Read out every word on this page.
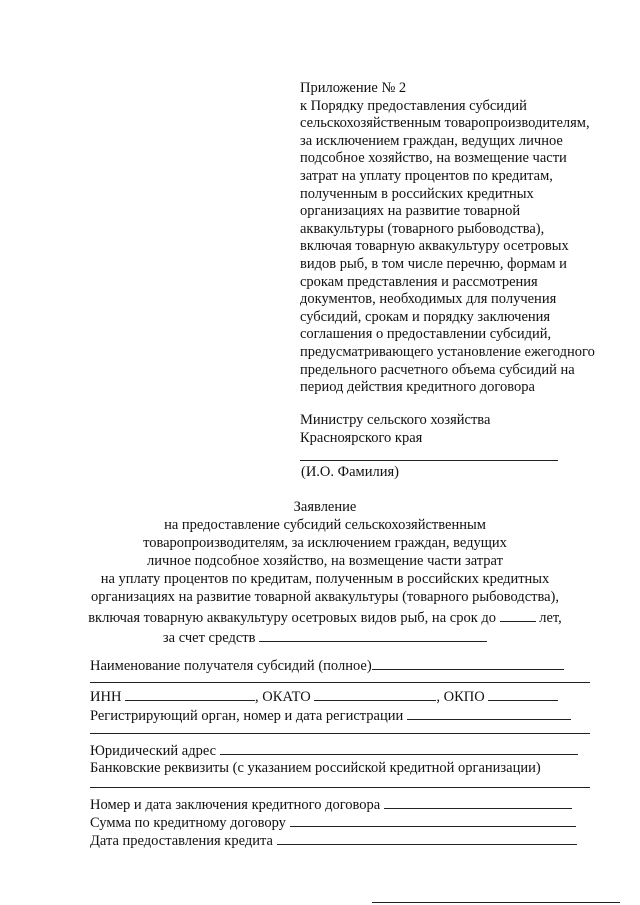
Приложение № 2
к Порядку предоставления субсидий
сельскохозяйственным товаропроизводителям,
за исключением граждан, ведущих личное
подсобное хозяйство, на возмещение части
затрат на уплату процентов по кредитам,
полученным в российских кредитных
организациях на развитие товарной
аквакультуры (товарного рыбоводства),
включая товарную аквакультуру осетровых
видов рыб, в том числе перечню, формам и
срокам представления и рассмотрения
документов, необходимых для получения
субсидий, срокам и порядку заключения
соглашения о предоставлении субсидий,
предусматривающего установление ежегодного
предельного расчетного объема субсидий на
период действия кредитного договора
Министру сельского хозяйства
Красноярского края
(И.О. Фамилия)
Заявление
на предоставление субсидий сельскохозяйственным
товаропроизводителям, за исключением граждан, ведущих
личное подсобное хозяйство, на возмещение части затрат
на уплату процентов по кредитам, полученным в российских кредитных
организациях на развитие товарной аквакультуры (товарного рыбоводства),
включая товарную аквакультуру осетровых видов рыб, на срок до	лет,
за счет средств
Наименование получателя субсидий (полное)
ИНН	, ОКАТО	, ОКПО
Регистрирующий орган, номер и дата регистрации
Юридический адрес
Банковские реквизиты (с указанием российской кредитной организации)
Номер и дата заключения кредитного договора
Сумма по кредитному договору
Дата предоставления кредита
